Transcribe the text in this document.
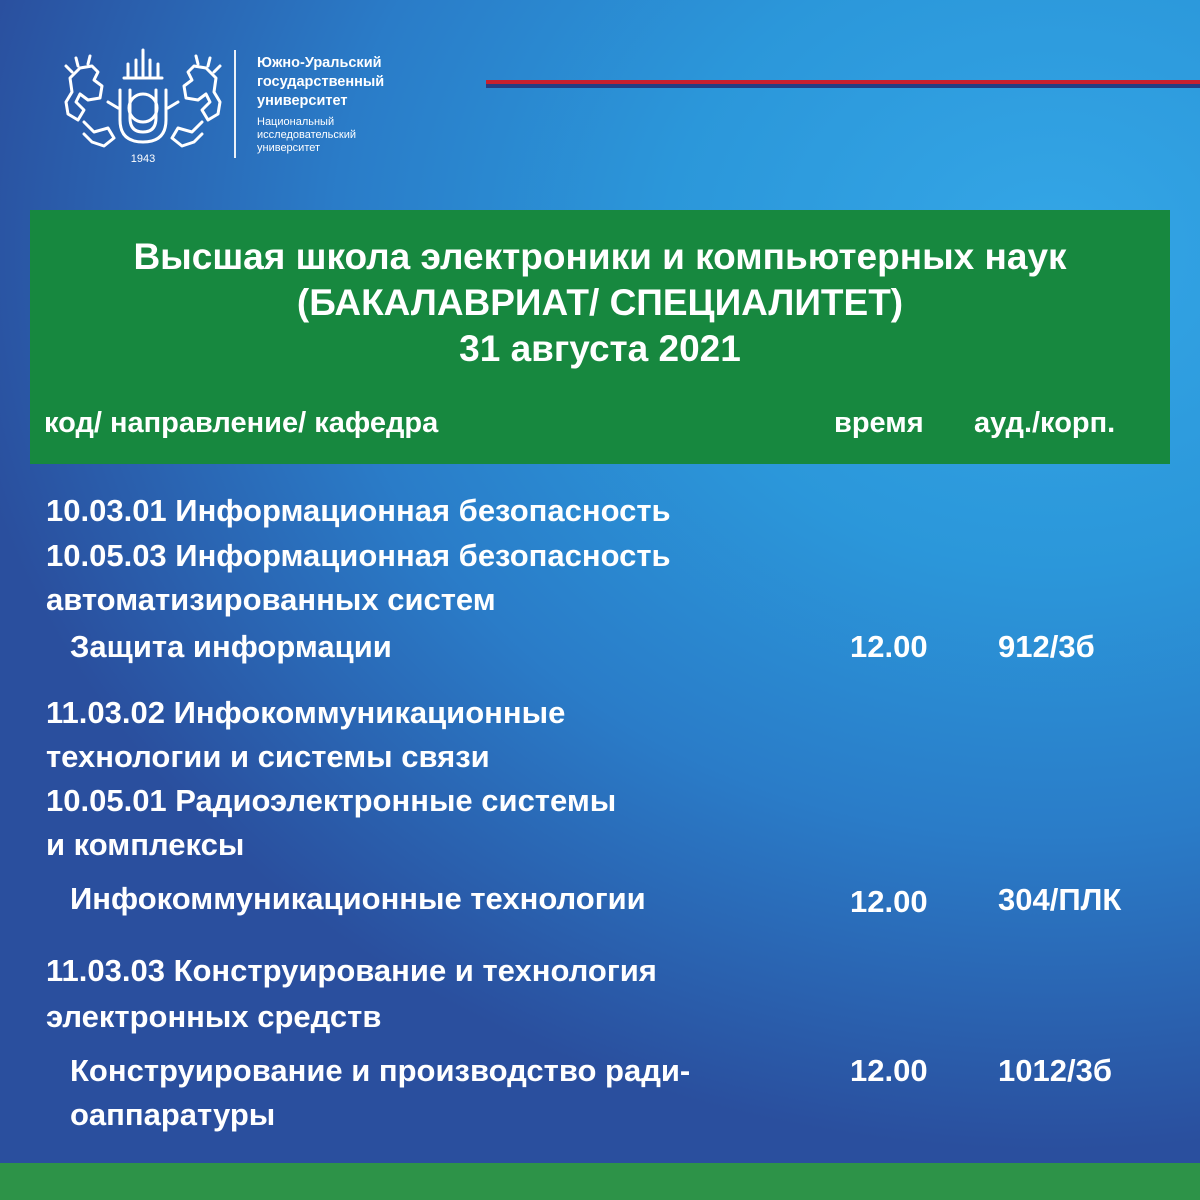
1943
Южно-Уральский
государственный
университет
Национальный
исследовательский
университет
Высшая школа электроники и компьютерных наук
(БАКАЛАВРИАТ/ СПЕЦИАЛИТЕТ)
31 августа 2021
код/ направление/ кафедра	время ауд./корп.
10.03.01 Информационная безопасность
10.05.03 Информационная безопасность
автоматизированных систем
Защита информации	12.00 912/3б
11.03.02 Инфокоммуникационные
технологии и системы связи
10.05.01 Радиоэлектронные системы
и комплексы
Инфокоммуникационные технологии	12.00 304/ПЛК
11.03.03 Конструирование и технология
электронных средств
Конструирование и производство ради-
оаппаратуры
12.00 1012/3б
